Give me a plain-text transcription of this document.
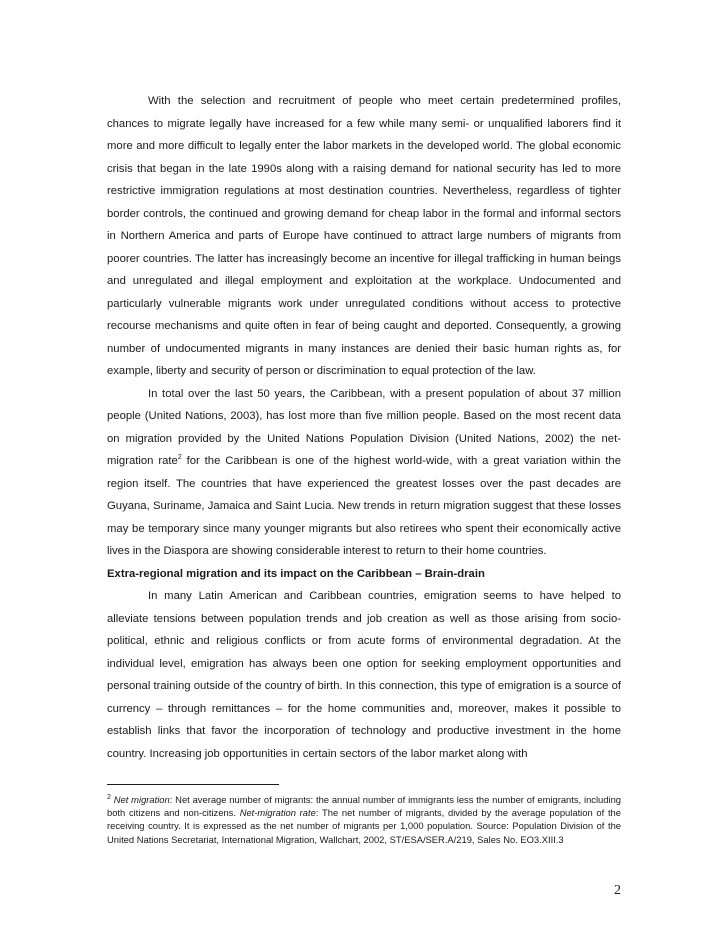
With the selection and recruitment of people who meet certain predetermined profiles, chances to migrate legally have increased for a few while many semi- or unqualified laborers find it more and more difficult to legally enter the labor markets in the developed world. The global economic crisis that began in the late 1990s along with a raising demand for national security has led to more restrictive immigration regulations at most destination countries. Nevertheless, regardless of tighter border controls, the continued and growing demand for cheap labor in the formal and informal sectors in Northern America and parts of Europe have continued to attract large numbers of migrants from poorer countries. The latter has increasingly become an incentive for illegal trafficking in human beings and unregulated and illegal employment and exploitation at the workplace. Undocumented and particularly vulnerable migrants work under unregulated conditions without access to protective recourse mechanisms and quite often in fear of being caught and deported. Consequently, a growing number of undocumented migrants in many instances are denied their basic human rights as, for example, liberty and security of person or discrimination to equal protection of the law.

In total over the last 50 years, the Caribbean, with a present population of about 37 million people (United Nations, 2003), has lost more than five million people. Based on the most recent data on migration provided by the United Nations Population Division (United Nations, 2002) the net-migration rate$^2$ for the Caribbean is one of the highest world-wide, with a great variation within the region itself. The countries that have experienced the greatest losses over the past decades are Guyana, Suriname, Jamaica and Saint Lucia. New trends in return migration suggest that these losses may be temporary since many younger migrants but also retirees who spent their economically active lives in the Diaspora are showing considerable interest to return to their home countries.

Extra-regional migration and its impact on the Caribbean – Brain-drain

In many Latin American and Caribbean countries, emigration seems to have helped to alleviate tensions between population trends and job creation as well as those arising from socio-political, ethnic and religious conflicts or from acute forms of environmental degradation. At the individual level, emigration has always been one option for seeking employment opportunities and personal training outside of the country of birth. In this connection, this type of emigration is a source of currency – through remittances – for the home communities and, moreover, makes it possible to establish links that favor the incorporation of technology and productive investment in the home country. Increasing job opportunities in certain sectors of the labor market along with

$^2$ Net migration: Net average number of migrants: the annual number of immigrants less the number of emigrants, including both citizens and non-citizens. Net-migration rate: The net number of migrants, divided by the average population of the receiving country. It is expressed as the net number of migrants per 1,000 population. Source: Population Division of the United Nations Secretariat, International Migration, Wallchart, 2002, ST/ESA/SER.A/219, Sales No. EO3.XIII.3

2
